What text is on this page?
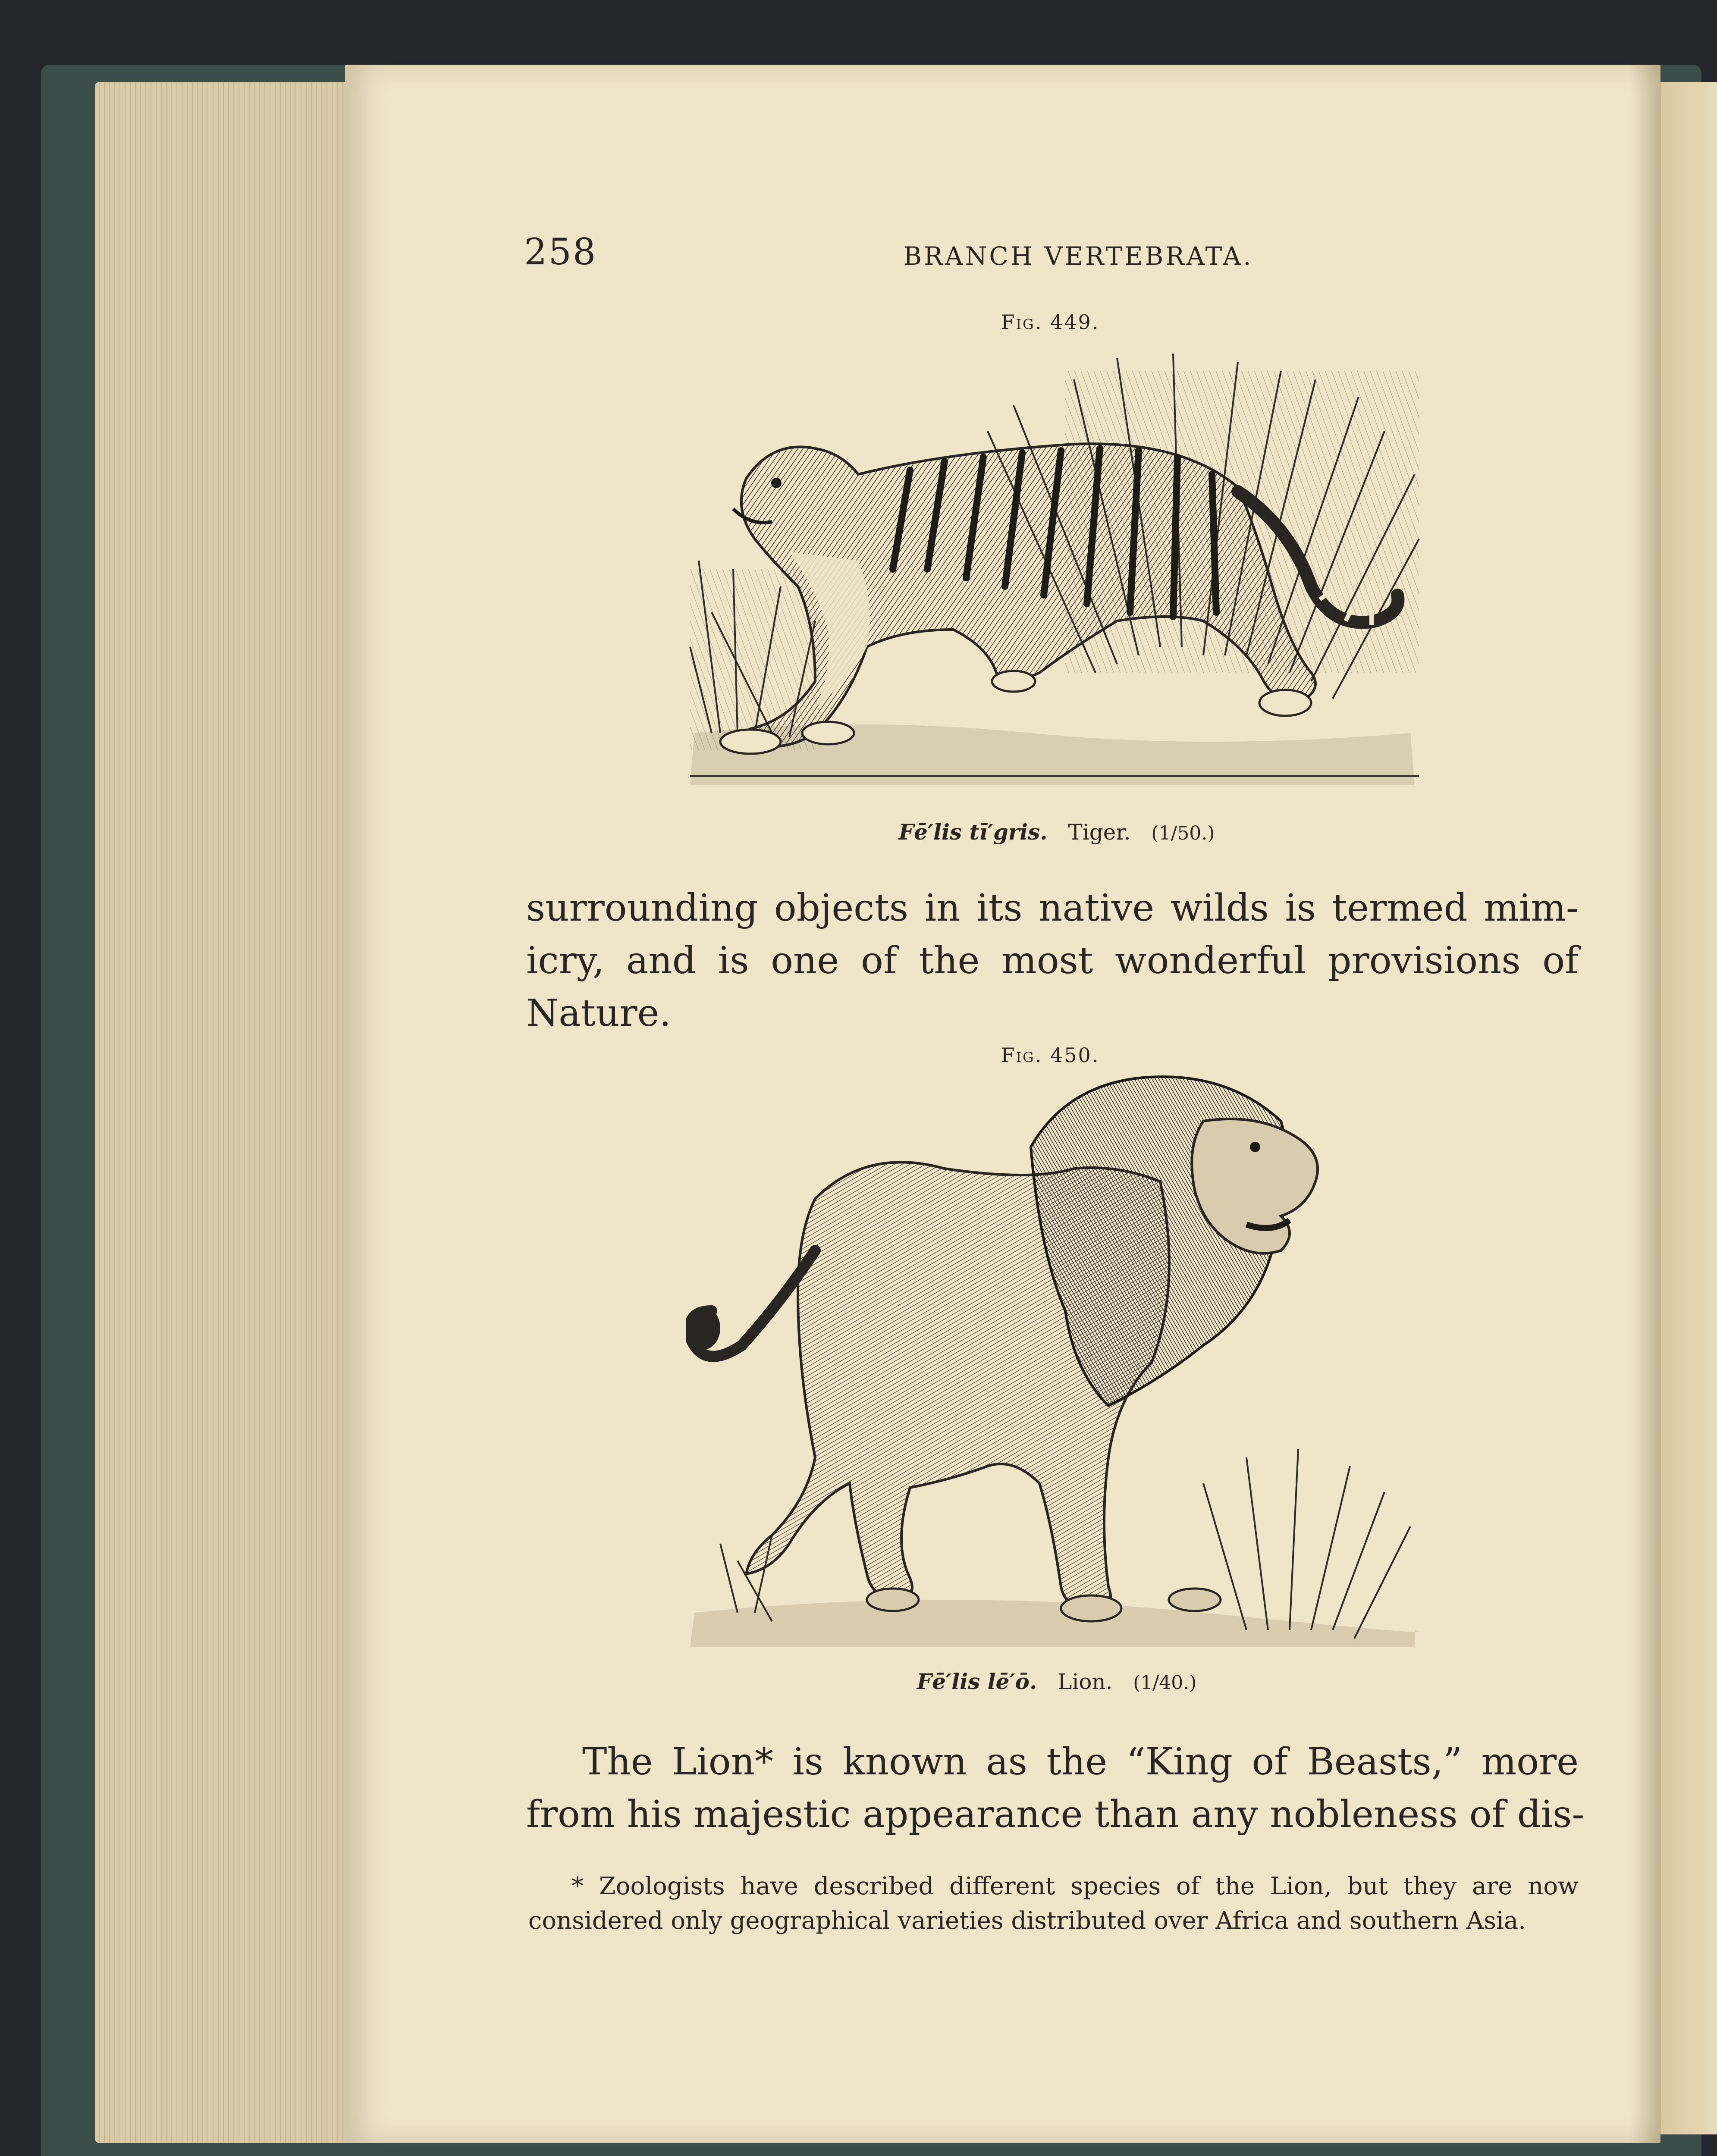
258	BRANCH VERTEBRATA.
Fig. 449.
Fē′lis tī′gris. Tiger. (1/50.)
surrounding objects in its native wilds is termed mim-
icry, and is one of the most wonderful provisions of
Nature.
Fig. 450.
Fē′lis lē′ō. Lion. (1/40.)
The Lion* is known as the “King of Beasts,” more
from his majestic appearance than any nobleness of dis-
* Zoologists have described different species of the Lion, but they are now considered only geographical varieties distributed over Africa and southern Asia.
